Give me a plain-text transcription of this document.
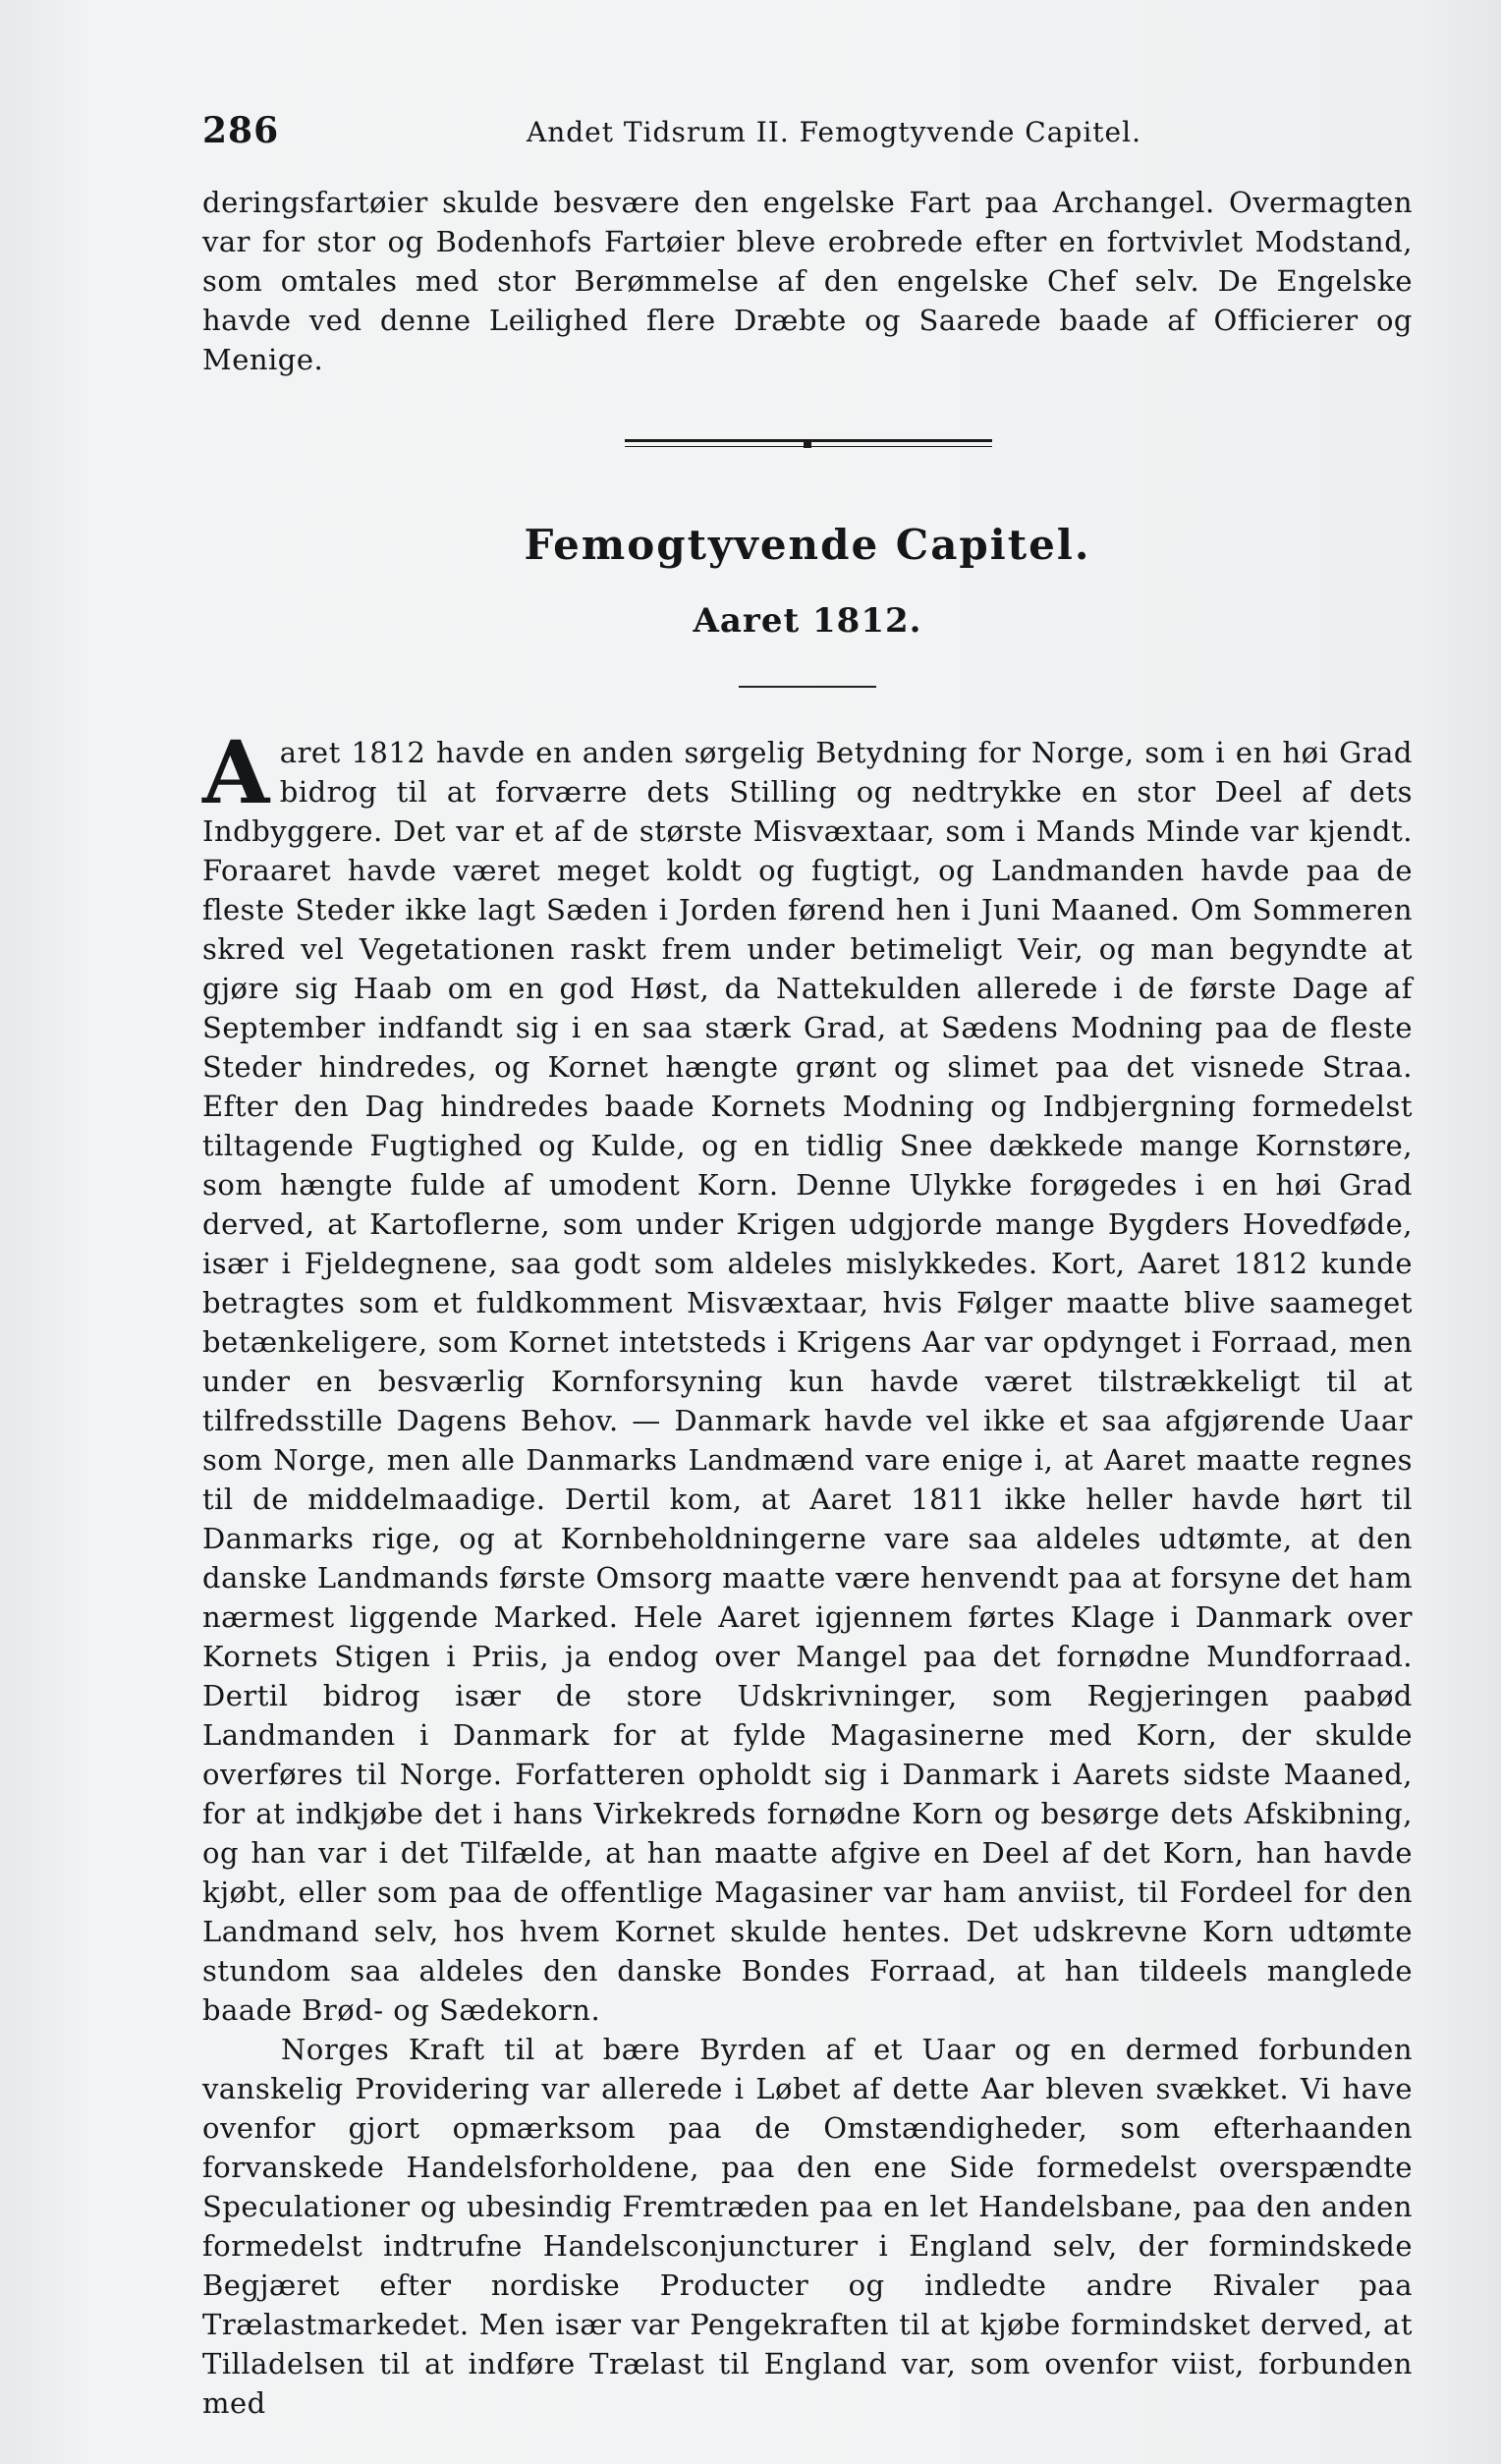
286	Andet Tidsrum II. Femogtyvende Capitel.
deringsfartøier skulde besvære den engelske Fart paa Archangel. Overmagten var for stor og Bodenhofs Fartøier bleve erobrede efter en fortvivlet Modstand, som omtales med stor Berømmelse af den engelske Chef selv. De Engelske havde ved denne Leilighed flere Dræbte og Saarede baade af Officierer og Menige.
Femogtyvende Capitel.
Aaret 1812.

Aaret 1812 havde en anden sørgelig Betydning for Norge, som i en høi Grad bidrog til at forværre dets Stilling og nedtrykke en stor Deel af dets Indbyggere. Det var et af de største Misvæxtaar, som i Mands Minde var kjendt. Foraaret havde været meget koldt og fugtigt, og Landmanden havde paa de fleste Steder ikke lagt Sæden i Jorden førend hen i Juni Maaned. Om Sommeren skred vel Vegetationen raskt frem under betimeligt Veir, og man begyndte at gjøre sig Haab om en god Høst, da Nattekulden allerede i de første Dage af September indfandt sig i en saa stærk Grad, at Sædens Modning paa de fleste Steder hindredes, og Kornet hængte grønt og slimet paa det visnede Straa. Efter den Dag hindredes baade Kornets Modning og Indbjergning formedelst tiltagende Fugtighed og Kulde, og en tidlig Snee dækkede mange Kornstøre, som hængte fulde af umodent Korn. Denne Ulykke forøgedes i en høi Grad derved, at Kartoflerne, som under Krigen udgjorde mange Bygders Hovedføde, især i Fjeldegnene, saa godt som aldeles mislykkedes. Kort, Aaret 1812 kunde betragtes som et fuldkomment Misvæxtaar, hvis Følger maatte blive saameget betænkeligere, som Kornet intetsteds i Krigens Aar var opdynget i Forraad, men under en besværlig Kornforsyning kun havde været tilstrækkeligt til at tilfredsstille Dagens Behov. — Danmark havde vel ikke et saa afgjørende Uaar som Norge, men alle Danmarks Landmænd vare enige i, at Aaret maatte regnes til de middelmaadige. Dertil kom, at Aaret 1811 ikke heller havde hørt til Danmarks rige, og at Kornbeholdningerne vare saa aldeles udtømte, at den danske Landmands første Omsorg maatte være henvendt paa at forsyne det ham nærmest liggende Marked. Hele Aaret igjennem førtes Klage i Danmark over Kornets Stigen i Priis, ja endog over Mangel paa det fornødne Mundforraad. Dertil bidrog især de store Udskrivninger, som Regjeringen paabød Landmanden i Danmark for at fylde Magasinerne med Korn, der skulde overføres til Norge. Forfatteren opholdt sig i Danmark i Aarets sidste Maaned, for at indkjøbe det i hans Virkekreds fornødne Korn og besørge dets Afskibning, og han var i det Tilfælde, at han maatte afgive en Deel af det Korn, han havde kjøbt, eller som paa de offentlige Magasiner var ham anviist, til Fordeel for den Landmand selv, hos hvem Kornet skulde hentes. Det udskrevne Korn udtømte stundom saa aldeles den danske Bondes Forraad, at han tildeels manglede baade Brød- og Sædekorn.

Norges Kraft til at bære Byrden af et Uaar og en dermed forbunden vanskelig Providering var allerede i Løbet af dette Aar bleven svækket. Vi have ovenfor gjort opmærksom paa de Omstændigheder, som efterhaanden forvanskede Handelsforholdene, paa den ene Side formedelst overspændte Speculationer og ubesindig Fremtræden paa en let Handelsbane, paa den anden formedelst indtrufne Handelsconjuncturer i England selv, der formindskede Begjæret efter nordiske Producter og indledte andre Rivaler paa Trælastmarkedet. Men især var Pengekraften til at kjøbe formindsket derved, at Tilladelsen til at indføre Trælast til England var, som ovenfor viist, forbunden med
